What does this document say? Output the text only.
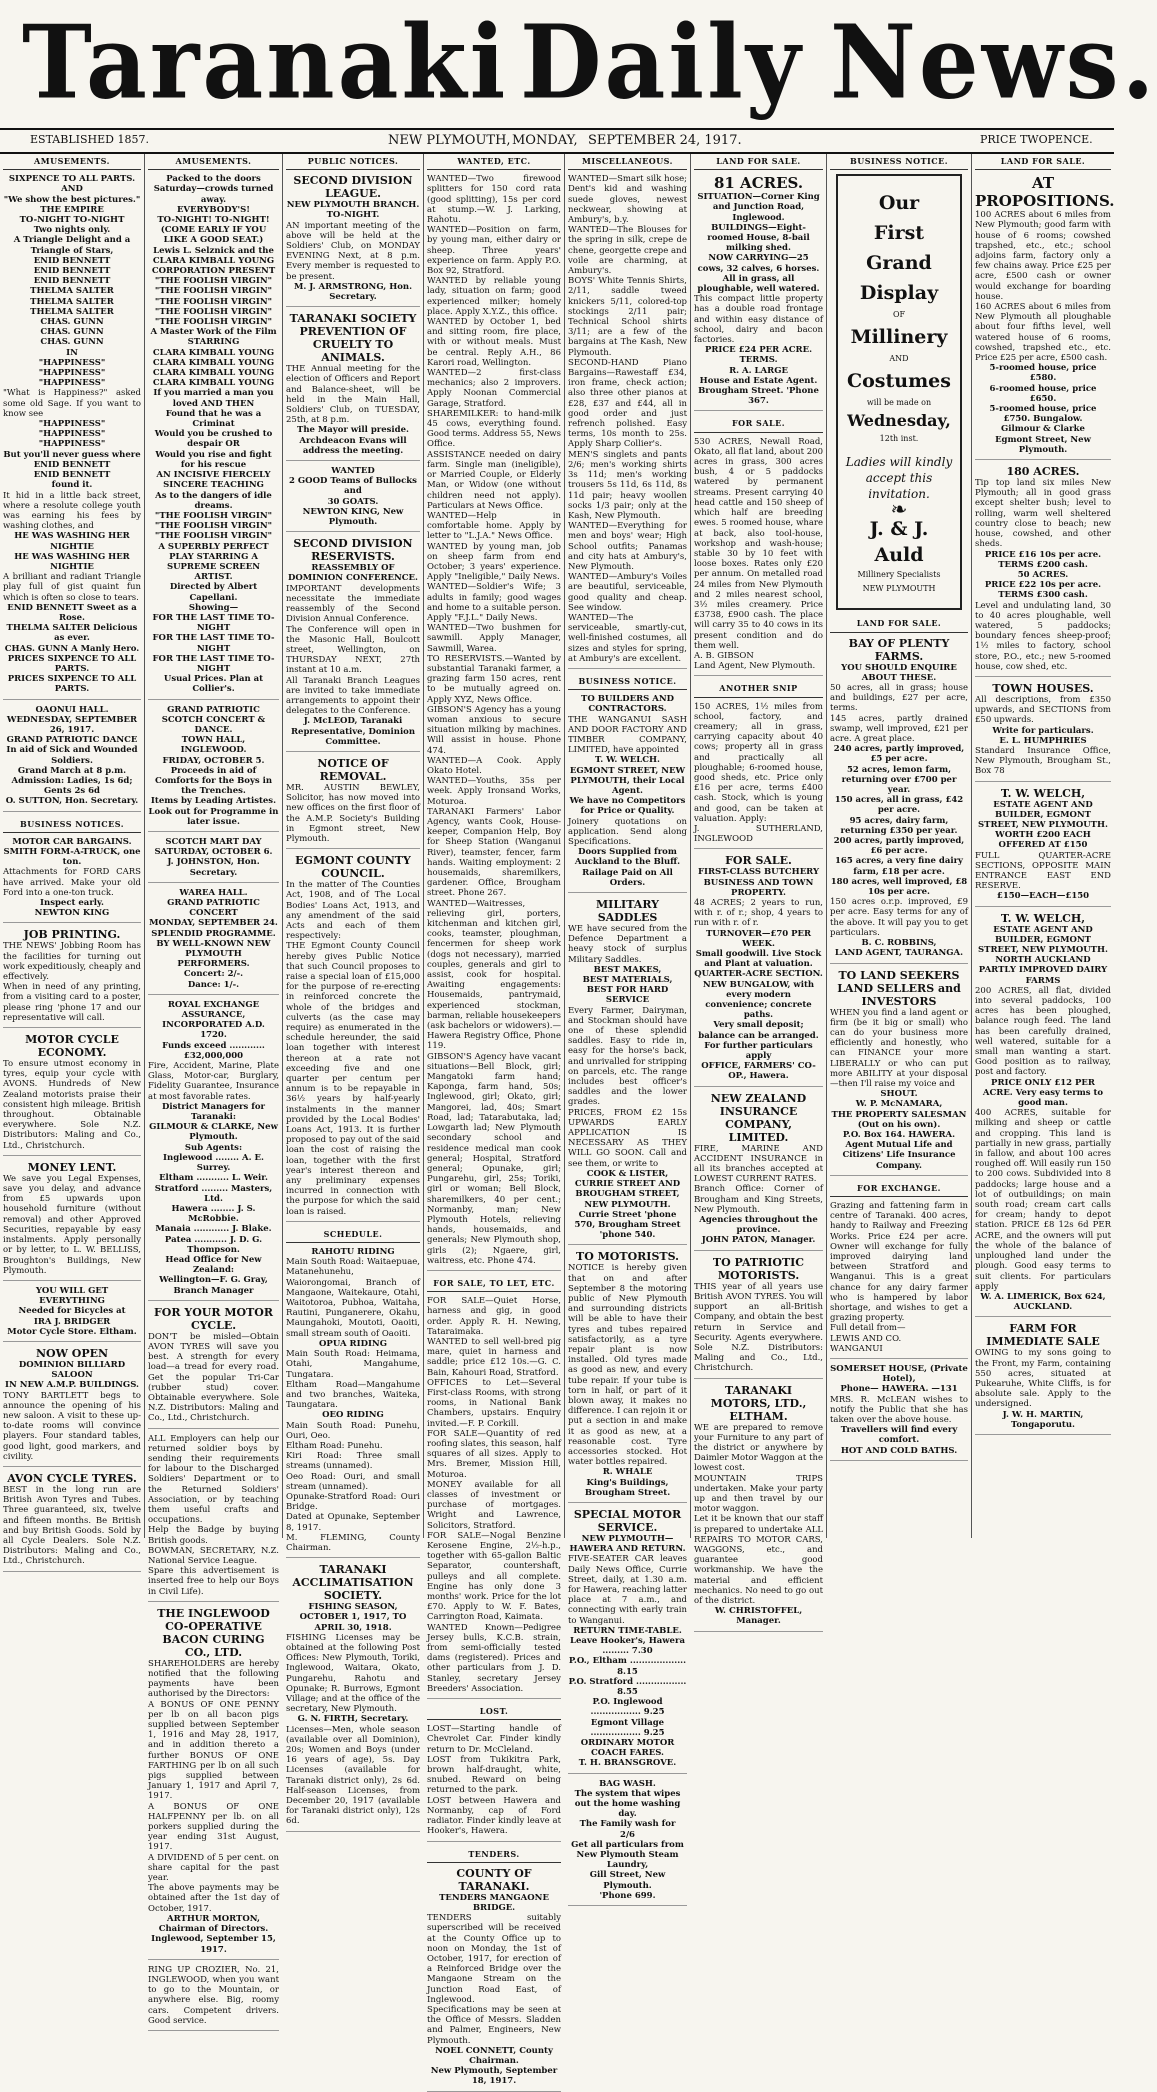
Taranaki Daily News.
ESTABLISHED 1857.	NEW PLYMOUTH, MONDAY, SEPTEMBER 24, 1917.	PRICE TWOPENCE.
AMUSEMENTS.
SIXPENCE TO ALL PARTS.
AND
"We show the best pictures."
THE EMPIRE
TO-NIGHT TO-NIGHT
Two nights only.
A Triangle Delight and a Triangle of Stars,
ENID BENNETT
ENID BENNETT
ENID BENNETT
THELMA SALTER
THELMA SALTER
THELMA SALTER
CHAS. GUNN
CHAS. GUNN
CHAS. GUNN
IN
"HAPPINESS"
"HAPPINESS"
"HAPPINESS"
"What is Happiness?" asked some old Sage. If you want to know see
"HAPPINESS"
"HAPPINESS"
"HAPPINESS"
But you'll never guess where
ENID BENNETT
ENID BENNETT
found it.
It hid in a little back street, where a resolute college youth was earning his fees by washing clothes, and
HE WAS WASHING HER NIGHTIE
HE WAS WASHING HER NIGHTIE
A brilliant and radiant Triangle play full of gist quaint fun which is often so close to tears.
ENID BENNETT Sweet as a Rose.
THELMA SALTER Delicious as ever.
CHAS. GUNN A Manly Hero.
PRICES SIXPENCE TO ALL PARTS.
PRICES SIXPENCE TO ALL PARTS.
OAONUI HALL.
WEDNESDAY, SEPTEMBER 26, 1917.
GRAND PATRIOTIC DANCE
In aid of Sick and Wounded Soldiers.
Grand March at 8 p.m.
Admission: Ladies, 1s 6d; Gents 2s 6d
O. SUTTON, Hon. Secretary.
BUSINESS NOTICES.
MOTOR CAR BARGAINS.
SMITH FORM-A-TRUCK, one ton.
Attachments for FORD CARS have arrived. Make your old Ford into a one-ton truck.
Inspect early.
NEWTON KING
JOB PRINTING.
THE NEWS' Jobbing Room has the facilities for turning out work expeditiously, cheaply and effectively.
When in need of any printing, from a visiting card to a poster, please ring 'phone 17 and our representative will call.
MOTOR CYCLE ECONOMY.
To ensure utmost economy in tyres, equip your cycle with AVONS. Hundreds of New Zealand motorists praise their consistent high mileage. British throughout. Obtainable everywhere. Sole N.Z. Distributors: Maling and Co., Ltd., Christchurch.
MONEY LENT.
We save you Legal Expenses, save you delay, and advance from £5 upwards upon household furniture (without removal) and other Approved Securities, repayable by easy instalments. Apply personally or by letter, to L. W. BELLISS, Broughton's Buildings, New Plymouth.
YOU WILL GET EVERYTHING
Needed for Bicycles at
IRA J. BRIDGER
Motor Cycle Store. Eltham.
NOW OPEN
DOMINION BILLIARD SALOON
IN NEW A.M.P. BUILDINGS.
TONY BARTLETT begs to announce the opening of his new saloon. A visit to these up-to-date rooms will convince players. Four standard tables, good light, good markers, and civility.
AVON CYCLE TYRES.
BEST in the long run are British Avon Tyres and Tubes. Three guaranteed, six, twelve and fifteen months. Be British and buy British Goods. Sold by all Cycle Dealers. Sole N.Z. Distributors: Maling and Co., Ltd., Christchurch.
AMUSEMENTS.
Packed to the doors Saturday—crowds turned away.
EVERYBODY'S!
TO-NIGHT! TO-NIGHT!
(COME EARLY IF YOU LIKE A GOOD SEAT.)
Lewis L. Selznick and the
CLARA KIMBALL YOUNG CORPORATION PRESENT
"THE FOOLISH VIRGIN"
"THE FOOLISH VIRGIN"
"THE FOOLISH VIRGIN"
"THE FOOLISH VIRGIN"
"THE FOOLISH VIRGIN"
A Master Work of the Film
STARRING
CLARA KIMBALL YOUNG
CLARA KIMBALL YOUNG
CLARA KIMBALL YOUNG
CLARA KIMBALL YOUNG
If you married a man you loved AND THEN
Found that he was a Criminat
Would you be crushed to despair OR
Would you rise and fight for his rescue
AN INCISIVE FIERCELY SINCERE TEACHING
As to the dangers of idle dreams.
"THE FOOLISH VIRGIN"
"THE FOOLISH VIRGIN"
"THE FOOLISH VIRGIN"
A SUPERBLY PERFECT PLAY STARRING A SUPREME SCREEN ARTIST.
Directed by Albert Capellani.
Showing—
FOR THE LAST TIME TO-NIGHT
FOR THE LAST TIME TO-NIGHT
FOR THE LAST TIME TO-NIGHT
Usual Prices. Plan at Collier's.
GRAND PATRIOTIC SCOTCH CONCERT & DANCE.
TOWN HALL, INGLEWOOD.
FRIDAY, OCTOBER 5.
Proceeds in aid of Comforts for the Boys in the Trenches.
Items by Leading Artistes.
Look out for Programme in later issue.
SCOTCH MART DAY
SATURDAY, OCTOBER 6.
J. JOHNSTON, Hon. Secretary.
WAREA HALL.
GRAND PATRIOTIC CONCERT
MONDAY, SEPTEMBER 24.
SPLENDID PROGRAMME.
BY WELL-KNOWN NEW PLYMOUTH PERFORMERS.
Concert: 2/-.
Dance: 1/-.
ROYAL EXCHANGE ASSURANCE, INCORPORATED A.D. 1720.
Funds exceed ............ £32,000,000
Fire, Accident, Marine, Plate Glass, Motor-car, Burglary, Fidelity Guarantee, Insurance at most favorable rates.
District Managers for Taranaki:
GILMOUR & CLARKE, New Plymouth.
Sub Agents:
Inglewood ........ A. E. Surrey.
Eltham ........... L. Weir.
Stratford ......... Masters, Ltd.
Hawera ........ J. S. McRobbie.
Manaia ............ J. Blake.
Patea ........... J. D. G. Thompson.
Head Office for New Zealand:
Wellington—F. G. Gray, Branch Manager
FOR YOUR MOTOR CYCLE.
DON'T be misled—Obtain AVON TYRES will save you best. A strength for every load—a tread for every road. Get the popular Tri-Car (rubber stud) cover. Obtainable everywhere. Sole N.Z. Distributors: Maling and Co., Ltd., Christchurch.
ALL Employers can help our returned soldier boys by sending their requirements for labour to the Discharged Soldiers' Department or to the Returned Soldiers' Association, or by teaching them useful crafts and occupations.
Help the Badge by buying British goods.
BOWMAN, SECRETARY, N.Z. National Service League.
Spare this advertisement is inserted free to help our Boys in Civil Life).
THE INGLEWOOD CO-OPERATIVE BACON CURING CO., LTD.
SHAREHOLDERS are hereby notified that the following payments have been authorised by the Directors:
A BONUS OF ONE PENNY per lb on all bacon pigs supplied between September 1, 1916 and May 28, 1917, and in addition thereto a further BONUS OF ONE FARTHING per lb on all such pigs supplied between January 1, 1917 and April 7, 1917.
A BONUS OF ONE HALFPENNY per lb. on all porkers supplied during the year ending 31st August, 1917.
A DIVIDEND of 5 per cent. on share capital for the past year.
The above payments may be obtained after the 1st day of October, 1917.
ARTHUR MORTON, Chairman of Directors.
Inglewood, September 15, 1917.
RING UP CROZIER, No. 21, INGLEWOOD, when you want to go to the Mountain, or anywhere else. Big, roomy cars. Competent drivers. Good service.
PUBLIC NOTICES.
SECOND DIVISION LEAGUE.
NEW PLYMOUTH BRANCH.
TO-NIGHT.
AN important meeting of the above will be held at the Soldiers' Club, on MONDAY EVENING Next, at 8 p.m. Every member is requested to be present.
M. J. ARMSTRONG, Hon. Secretary.
TARANAKI SOCIETY PREVENTION OF CRUELTY TO ANIMALS.
THE Annual meeting for the election of Officers and Report and Balance-sheet, will be held in the Main Hall, Soldiers' Club, on TUESDAY, 25th, at 8 p.m.
The Mayor will preside.
Archdeacon Evans will address the meeting.
WANTED
2 GOOD Teams of Bullocks and
30 GOATS.
NEWTON KING, New Plymouth.
SECOND DIVISION RESERVISTS.
REASSEMBLY OF DOMINION CONFERENCE.
IMPORTANT developments necessitate the immediate reassembly of the Second Division Annual Conference.
The Conference will open in the Masonic Hall, Boulcott street, Wellington, on THURSDAY NEXT, 27th instant at 10 a.m.
All Taranaki Branch Leagues are invited to take immediate arrangements to appoint their delegates to the Conference.
J. McLEOD, Taranaki Representative, Dominion Committee.
NOTICE OF REMOVAL.
MR. AUSTIN BEWLEY, Solicitor, has now moved into new offices on the first floor of the A.M.P. Society's Building in Egmont street, New Plymouth.
EGMONT COUNTY COUNCIL.
In the matter of The Counties Act, 1908, and of The Local Bodies' Loans Act, 1913, and any amendment of the said Acts and each of them respectively:
THE Egmont County Council hereby gives Public Notice that such Council proposes to raise a special loan of £15,000 for the purpose of re-erecting in reinforced concrete the whole of the bridges and culverts (as the case may require) as enumerated in the schedule hereunder, the said loan together with interest thereon at a rate not exceeding five and one quarter per centum per annum is to be repayable in 36½ years by half-yearly instalments in the manner provided by the Local Bodies' Loans Act, 1913. It is further proposed to pay out of the said loan the cost of raising the loan, together with the first year's interest thereon and any preliminary expenses incurred in connection with the purpose for which the said loan is raised.
SCHEDULE.
RAHOTU RIDING
Main South Road: Waitaepuae, Matanehunehu, Waiorongomai, Branch of Mangaone, Waitekaure, Otahi, Waitotoroa, Pubhoa, Waitaha, Rautini, Punganerere, Okahu, Maungahoki, Moutoti, Oaoiti, small stream south of Oaoiti.
OPUA RIDING
Main South Road: Heimama, Otahi, Mangahume, Tungatara.
Eltham Road—Mangahume and two branches, Waiteka, Taungatara.
OEO RIDING
Main South Road: Punehu, Ouri, Oeo.
Eltham Road: Punehu.
Kiri Road: Three small streams (unnamed).
Oeo Road: Ouri, and small stream (unnamed).
Opunake-Stratford Road: Ouri Bridge.
Dated at Opunake, September 8, 1917.
M. FLEMING, County Chairman.
TARANAKI ACCLIMATISATION SOCIETY.
FISHING SEASON, OCTOBER 1, 1917, TO APRIL 30, 1918.
FISHING Licenses may be obtained at the following Post Offices: New Plymouth, Toriki, Inglewood, Waitara, Okato, Pungarehu, Rahotu and Opunake; R. Burrows, Egmont Village; and at the office of the secretary, New Plymouth.
G. N. FIRTH, Secretary.
Licenses—Men, whole season (available over all Dominion), 20s; Women and Boys (under 16 years of age), 5s. Day Licenses (available for Taranaki district only), 2s 6d. Half-season Licenses, from December 20, 1917 (available for Taranaki district only), 12s 6d.
WANTED, ETC.
WANTED—Two firewood splitters for 150 cord rata (good splitting), 15s per cord at stump.—W. J. Larking, Rahotu.
WANTED—Position on farm, by young man, either dairy or sheep. Three years' experience on farm. Apply P.O. Box 92, Stratford.
WANTED by reliable young lady, situation on farm; good experienced milker; homely place. Apply X.Y.Z., this office.
WANTED by October 1, bed and sitting room, fire place, with or without meals. Must be central. Reply A.H., 86 Karori road, Wellington.
WANTED—2 first-class mechanics; also 2 improvers. Apply Noonan Commercial Garage, Stratford.
SHAREMILKER: to hand-milk 45 cows, everything found. Good terms. Address 55, News Office.
ASSISTANCE needed on dairy farm. Single man (ineligible), or Married Couple, or Elderly Man, or Widow (one without children need not apply). Particulars at News Office.
WANTED—Help in comfortable home. Apply by letter to "L.J.A." News Office.
WANTED by young man, job on sheep farm from end October; 3 years' experience. Apply "Ineligible," Daily News.
WANTED—Soldier's Wife; 3 adults in family; good wages and home to a suitable person. Apply "F.J.L." Daily News.
WANTED—Two bushmen for sawmill. Apply Manager, Sawmill, Warea.
TO RESERVISTS.—Wanted by substantial Taranaki farmer, a grazing farm 150 acres, rent to be mutually agreed on. Apply XYZ, News Office.
GIBSON'S Agency has a young woman anxious to secure situation milking by machines. Will assist in house. Phone 474.
WANTED—A Cook. Apply Okato Hotel.
WANTED—Youths, 35s per week. Apply Ironsand Works, Moturoa.
TARANAKI Farmers' Labor Agency, wants Cook, House-keeper, Companion Help, Boy for Sheep Station (Wanganui River), teamster, fencer, farm hands. Waiting employment: 2 housemaids, sharemilkers, gardener. Office, Brougham street. Phone 267.
WANTED—Waitresses, relieving girl, porters, kitchenman and kitchen girl, cooks, teamster, ploughman, fencermen for sheep work (dogs not necessary), married couples, generals and girl to assist, cook for hospital. Awaiting engagements: Housemaids, pantrymaid, experienced stockman, barman, reliable housekeepers (ask bachelors or widowers).—Hawera Registry Office, Phone 119.
GIBSON'S Agency have vacant situations—Bell Block, girl; Mangatoki farm hand; Kaponga, farm hand, 50s; Inglewood, girl; Okato, girl; Mangorei, lad, 40s; Smart Road, lad; Tatarabutaka, lad; Lowgarth lad; New Plymouth secondary school and residence medical man cook general; Hospital, Stratford general; Opunake, girl; Pungarehu, girl, 25s; Toriki, girl or woman; Bell Block, sharemilkers, 40 per cent.; Normanby, man; New Plymouth Hotels, relieving hands, housemaids, and generals; New Plymouth shop, girls (2); Ngaere, girl, waitress, etc. Phone 474.
FOR SALE, TO LET, ETC.
FOR SALE—Quiet Horse, harness and gig, in good order. Apply R. H. Newing, Tataraimaka.
WANTED to sell well-bred pig mare, quiet in harness and saddle; price £12 10s.—G. C. Bain, Kahouri Road, Stratford.
OFFICES to Let—Several First-class Rooms, with strong rooms, in National Bank Chambers, upstairs. Enquiry invited.—F. P. Corkill.
FOR SALE—Quantity of red roofing slates, this season, half squares of all sizes. Apply to Mrs. Bremer, Mission Hill, Moturoa.
MONEY available for all classes of investment or purchase of mortgages. Wright and Lawrence, Solicitors, Stratford.
FOR SALE—Nogal Benzine Kerosene Engine, 2½-h.p., together with 65-gallon Baltic Separator, countershaft, pulleys and all complete. Engine has only done 3 months' work. Price for the lot £70. Apply to W. F. Bates, Carrington Road, Kaimata.
WANTED Known—Pedigree Jersey bulls, K.C.B. strain, from semi-officially tested dams (registered). Prices and other particulars from J. D. Stanley, secretary Jersey Breeders' Association.
LOST.
LOST—Starting handle of Chevrolet Car. Finder kindly return to Dr. McCleland.
LOST from Tukikitra Park, brown half-draught, white, snubed. Reward on being returned to the park.
LOST between Hawera and Normanby, cap of Ford radiator. Finder kindly leave at Hooker's, Hawera.
TENDERS.
COUNTY OF TARANAKI.
TENDERS MANGAONE BRIDGE.
TENDERS suitably superscribed will be received at the County Office up to noon on Monday, the 1st of October, 1917, for erection of a Reinforced Bridge over the Mangaone Stream on the Junction Road East, of Inglewood.
Specifications may be seen at the Office of Messrs. Sladden and Palmer, Engineers, New Plymouth.
NOEL CONNETT, County Chairman.
New Plymouth, September 18, 1917.
MISCELLANEOUS.
WANTED—Smart silk hose; Dent's kid and washing suede gloves, newest neckwear, showing at Ambury's, b.y.
WANTED—The Blouses for the spring in silk, crepe de chene, georgette crepe and voile are charming, at Ambury's.
BOYS' White Tennis Shirts, 2/11, saddle tweed knickers 5/11, colored-top stockings 2/11 pair; Technical School shirts 3/11; are a few of the bargains at The Kash, New Plymouth.
SECOND-HAND Piano Bargains—Rawestaff £34, iron frame, check action; also three other pianos at £28, £37 and £44, all in good order and just refrench polished. Easy terms, 10s month to 25s. Apply Sharp Collier's.
MEN'S singlets and pants 2/6; men's working shirts 3s 11d; men's working trousers 5s 11d, 6s 11d, 8s 11d pair; heavy woollen socks 1/3 pair; only at the Kash, New Plymouth.
WANTED—Everything for men and boys' wear; High School outfits; Panamas and city hats at Ambury's, New Plymouth.
WANTED—Ambury's Voiles are beautiful, serviceable, good quality and cheap. See window.
WANTED—The serviceable, smartly-cut, well-finished costumes, all sizes and styles for spring, at Ambury's are excellent.
BUSINESS NOTICE.
TO BUILDERS AND CONTRACTORS.
THE WANGANUI SASH AND DOOR FACTORY AND TIMBER COMPANY, LIMITED, have appointed
T. W. WELCH.
EGMONT STREET, NEW PLYMOUTH, their Local Agent.
We have no Competitors for Price or Quality.
Joinery quotations on application. Send along Specifications.
Doors Supplied from Auckland to the Bluff.
Railage Paid on All Orders.
MILITARY SADDLES
WE have secured from the Defence Department a heavy stock of surplus Military Saddles.
BEST MAKES,
BEST MATERIALS,
BEST FOR HARD SERVICE
Every Farmer, Dairyman, and Stockman should have one of these splendid saddles. Easy to ride in, easy for the horse's back, and unrivalled for stripping on parcels, etc. The range includes best officer's saddles and the lower grades.
PRICES, FROM £2 15s UPWARDS EARLY APPLICATION IS NECESSARY AS THEY WILL GO SOON. Call and see them, or write to
COOK & LISTER,
CURRIE STREET AND BROUGHAM STREET, NEW PLYMOUTH.
Currie Street 'phone 570, Brougham Street 'phone 540.
TO MOTORISTS.
NOTICE is hereby given that on and after September 8 the motoring public of New Plymouth and surrounding districts will be able to have their tyres and tubes repaired satisfactorily, as a tyre repair plant is now installed. Old tyres made as good as new, and every tube repair. If your tube is torn in half, or part of it blown away, it makes no difference. I can rejoin it or put a section in and make it as good as new, at a reasonable cost. Tyre accessories stocked. Hot water bottles repaired.
R. WHALE
King's Buildings, Brougham Street.
SPECIAL MOTOR SERVICE.
NEW PLYMOUTH—HAWERA AND RETURN.
FIVE-SEATER CAR leaves Daily News Office, Currie Street, daily, at 1.30 a.m. for Hawera, reaching latter place at 7 a.m., and connecting with early train to Wanganui.
RETURN TIME-TABLE.
Leave Hooker's, Hawera ......... 7.30
P.O., Eltham ................... 8.15
P.O. Stratford ................. 8.55
P.O. Inglewood ................. 9.25
Egmont Village ................. 9.25
ORDINARY MOTOR COACH FARES.
T. H. BRANSGROVE.
BAG WASH.
The system that wipes out the home washing day.
The Family wash for
2/6
Get all particulars from
New Plymouth Steam Laundry,
Gill Street, New Plymouth.
'Phone 699.
LAND FOR SALE.
81 ACRES.
SITUATION—Corner King and Junction Road, Inglewood.
BUILDINGS—Eight-roomed House, 8-bail milking shed.
NOW CARRYING—25 cows, 32 calves, 6 horses.
All in grass, all ploughable, well watered.
This compact little property has a double road frontage and within easy distance of school, dairy and bacon factories.
PRICE £24 PER ACRE.
TERMS.
R. A. LARGE
House and Estate Agent.
Brougham Street. 'Phone 367.
FOR SALE.
530 ACRES, Newall Road, Okato, all flat land, about 200 acres in grass, 300 acres bush, 4 or 5 paddocks watered by permanent streams. Present carrying 40 head cattle and 150 sheep of which half are breeding ewes. 5 roomed house, whare at back, also tool-house, workshop and wash-house; stable 30 by 10 feet with loose boxes. Rates only £20 per annum. On metalled road 24 miles from New Plymouth and 2 miles nearest school, 3½ miles creamery. Price £3738, £900 cash. The place will carry 35 to 40 cows in its present condition and do them well.
A. B. GIBSON
Land Agent, New Plymouth.
ANOTHER SNIP
150 ACRES, 1½ miles from school, factory, and creamery; all in grass, carrying capacity about 40 cows; property all in grass and practically all ploughable; 6-roomed house, good sheds, etc. Price only £16 per acre, terms £400 cash. Stock, which is young and good, can be taken at valuation. Apply:
J. SUTHERLAND, INGLEWOOD
FOR SALE.
FIRST-CLASS BUTCHERY BUSINESS AND TOWN PROPERTY.
48 ACRES; 2 years to run, with r. of r.; shop, 4 years to run with r. of r.
TURNOVER—£70 PER WEEK.
Small goodwill. Live Stock and Plant at valuation.
QUARTER-ACRE SECTION.
NEW BUNGALOW, with every modern convenience; concrete paths.
Very small deposit; balance can be arranged.
For further particulars apply
OFFICE, FARMERS' CO-OP., Hawera.
NEW ZEALAND INSURANCE COMPANY, LIMITED.
FIRE, MARINE AND ACCIDENT INSURANCE in all its branches accepted at LOWEST CURRENT RATES.
Branch Office: Corner of Brougham and King Streets, New Plymouth.
Agencies throughout the province.
JOHN PATON, Manager.
TO PATRIOTIC MOTORISTS.
THIS year of all years use British AVON TYRES. You will support an all-British Company, and obtain the best return in Service and Security. Agents everywhere. Sole N.Z. Distributors: Maling and Co., Ltd., Christchurch.
TARANAKI MOTORS, LTD., ELTHAM.
WE are prepared to remove your Furniture to any part of the district or anywhere by Daimler Motor Waggon at the lowest cost.
MOUNTAIN TRIPS undertaken. Make your party up and then travel by our motor waggon.
Let it be known that our staff is prepared to undertake ALL REPAIRS TO MOTOR CARS, WAGGONS, etc., and guarantee good workmanship. We have the material and efficient mechanics. No need to go out of the district.
W. CHRISTOFFEL, Manager.
BUSINESS NOTICE.
Our
First
Grand
Display
OF
Millinery
AND
Costumes
will be made on
Wednesday,
12th inst.
Ladies will kindly
accept this invitation.
❧
J. & J. Auld
Millinery Specialists
NEW PLYMOUTH
LAND FOR SALE.
BAY OF PLENTY FARMS.
YOU SHOULD ENQUIRE ABOUT THESE.
50 acres, all in grass; house and buildings, £27 per acre, terms.
145 acres, partly drained swamp, well improved, £21 per acre. A great place.
240 acres, partly improved, £5 per acre.
52 acres, lemon farm, returning over £700 per year.
150 acres, all in grass, £42 per acre.
95 acres, dairy farm, returning £350 per year.
200 acres, partly improved, £6 per acre.
165 acres, a very fine dairy farm, £18 per acre.
180 acres, well improved, £8 10s per acre.
150 acres o.r.p. improved, £9 per acre. Easy terms for any of the above. It will pay you to get particulars.
B. C. ROBBINS,
LAND AGENT, TAURANGA.
TO LAND SEEKERS LAND SELLERS and INVESTORS
WHEN you find a land agent or firm (be it big or small) who can do your business more efficiently and honestly, who can FINANCE your more LIBERALLY or who can put more ABILITY at your disposal—then I'll raise my voice and
SHOUT.
W. P. McNAMARA,
THE PROPERTY SALESMAN (Out on his own).
P.O. Box 164. HAWERA.
Agent Mutual Life and Citizens' Life Insurance Company.
FOR EXCHANGE.
Grazing and fattening farm in centre of Taranaki. 400 acres, handy to Railway and Freezing Works. Price £24 per acre. Owner will exchange for fully improved dairying land between Stratford and Wanganui. This is a great chance for any dairy farmer who is hampered by labor shortage, and wishes to get a grazing property.
Full detail from—
LEWIS AND CO.
WANGANUI
SOMERSET HOUSE, (Private Hotel),
Phone— HAWERA. —131
MRS. R. McLEAN wishes to notify the Public that she has taken over the above house.
Travellers will find every comfort.
HOT AND COLD BATHS.
LAND FOR SALE.
AT PROPOSITIONS.
100 ACRES about 6 miles from New Plymouth; good farm with house of 6 rooms; cowshed trapshed, etc., etc.; school adjoins farm, factory only a few chains away. Price £25 per acre, £500 cash or owner would exchange for boarding house.
160 ACRES about 6 miles from New Plymouth all ploughable about four fifths level, well watered house of 6 rooms, cowshed, trapshed etc., etc. Price £25 per acre, £500 cash.
5-roomed house, price £580.
6-roomed house, price £650.
5-roomed house, price £750. Bungalow.
Gilmour & Clarke
Egmont Street, New Plymouth.
180 ACRES.
Tip top land six miles New Plymouth; all in good grass except shelter bush; level to rolling, warm well sheltered country close to beach; new house, cowshed, and other sheds.
PRICE £16 10s per acre. TERMS £200 cash.
50 ACRES.
PRICE £22 10s per acre. TERMS £300 cash.
Level and undulating land, 30 to 40 acres ploughable, well watered, 5 paddocks; boundary fences sheep-proof; 1½ miles to factory, school store, P.O., etc.; new 5-roomed house, cow shed, etc.
TOWN HOUSES.
All descriptions, from £350 upwards, and SECTIONS from £50 upwards.
Write for particulars.
E. L. HUMPHRIES
Standard Insurance Office, New Plymouth, Brougham St., Box 78
T. W. WELCH,
ESTATE AGENT AND BUILDER, EGMONT STREET, NEW PLYMOUTH.
WORTH £200 EACH
OFFERED AT £150
FULL QUARTER-ACRE SECTIONS, OPPOSITE MAIN ENTRANCE EAST END RESERVE.
£150—EACH—£150
T. W. WELCH,
ESTATE AGENT AND BUILDER, EGMONT STREET, NEW PLYMOUTH.
NORTH AUCKLAND
PARTLY IMPROVED DAIRY FARMS
200 ACRES, all flat, divided into several paddocks, 100 acres has been ploughed, balance rough feed. The land has been carefully drained, well watered, suitable for a small man wanting a start. Good position as to railway, post and factory.
PRICE ONLY £12 PER ACRE. Very easy terms to good man.
400 ACRES, suitable for milking and sheep or cattle and cropping. This land is partially in new grass, partially in fallow, and about 100 acres roughed off. Will easily run 150 to 200 cows. Subdivided into 8 paddocks; large house and a lot of outbuildings; on main south road; cream cart calls for cream; handy to depot station. PRICE £8 12s 6d PER ACRE, and the owners will put the whole of the balance of unploughed land under the plough. Good easy terms to suit clients. For particulars apply
W. A. LIMERICK, Box 624, AUCKLAND.
FARM FOR IMMEDIATE SALE
OWING to my sons going to the Front, my Farm, containing 550 acres, situated at Pukearuhe, White Cliffs, is for absolute sale. Apply to the undersigned.
J. W. H. MARTIN, Tongaporutu.
